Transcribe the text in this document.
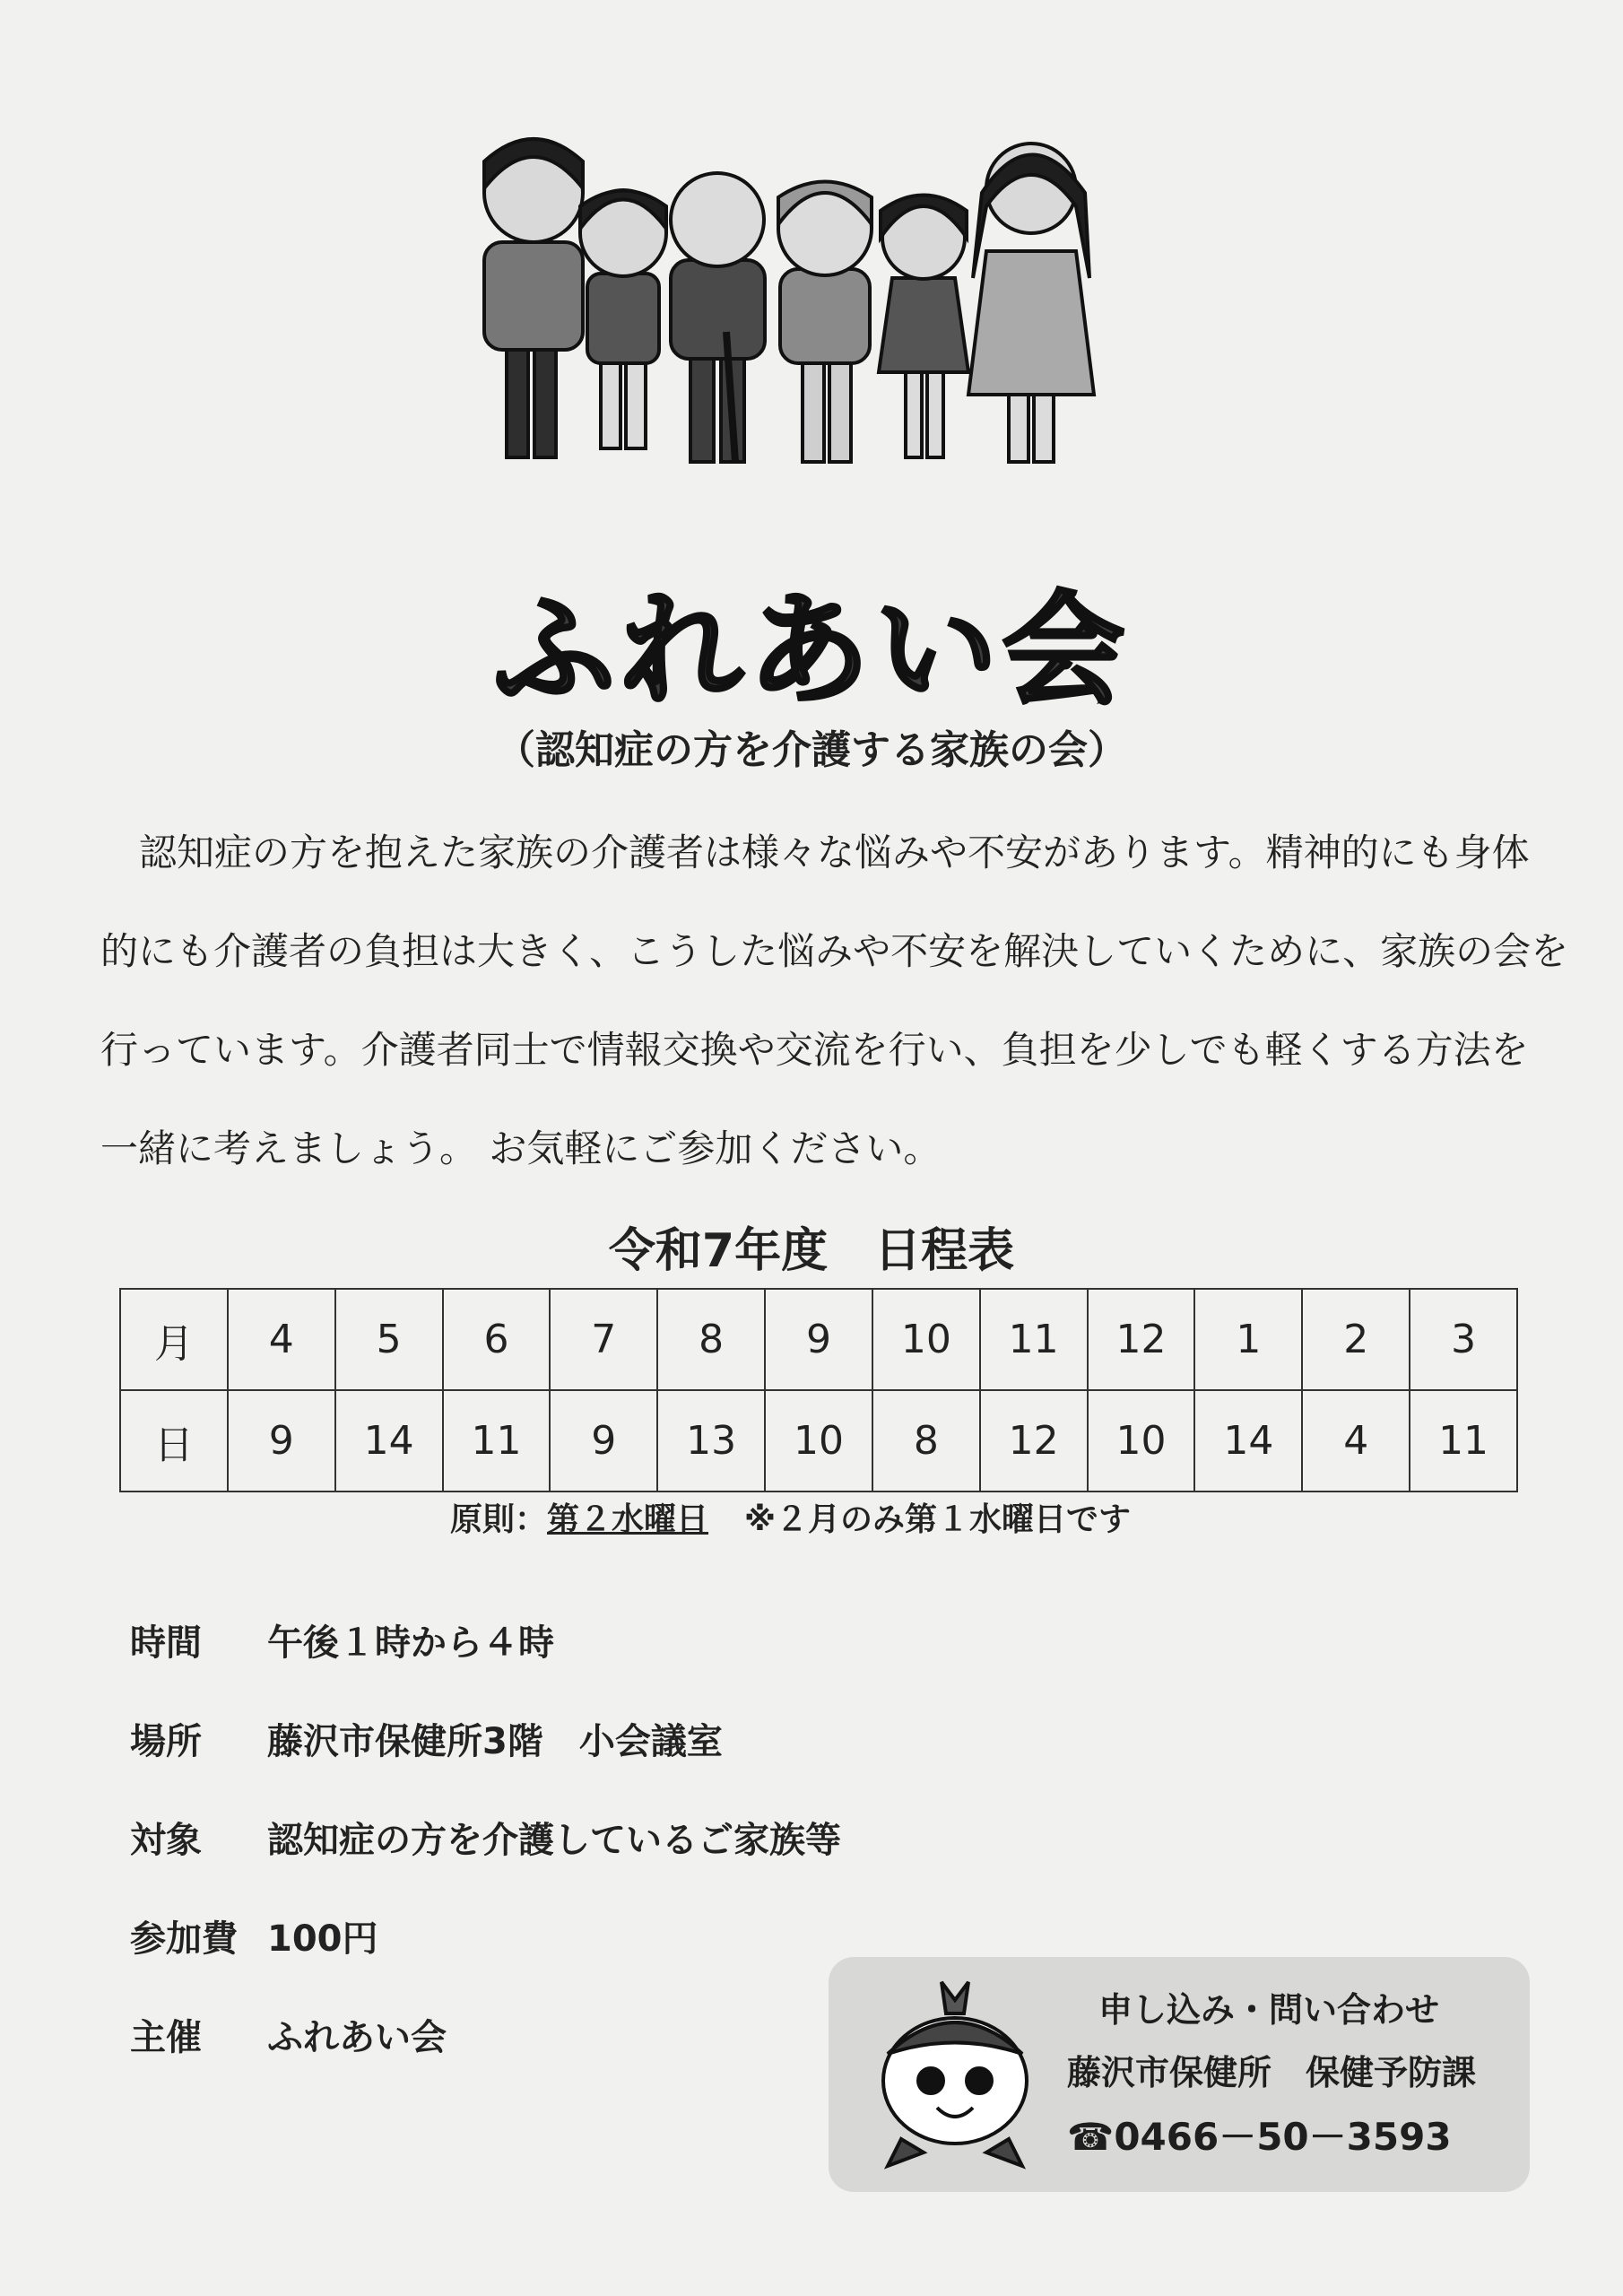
ふれあい会
（認知症の方を介護する家族の会）
認知症の方を抱えた家族の介護者は様々な悩みや不安があります。精神的にも身体
的にも介護者の負担は大きく、こうした悩みや不安を解決していくために、家族の会を
行っています。介護者同士で情報交換や交流を行い、負担を少しでも軽くする方法を
一緒に考えましょう。 お気軽にご参加ください。
令和7年度　日程表
月	4	5	6	7	8	9	10	11	12	1	2	3
日	9	14	11	9	13	10	8	12	10	14	4	11
原則：第２水曜日 ※２月のみ第１水曜日です
時間	午後１時から４時
場所	藤沢市保健所3階　小会議室
対象	認知症の方を介護しているご家族等
参加費 100円
主催	ふれあい会
申し込み・問い合わせ
藤沢市保健所　保健予防課
☎0466－50－3593
